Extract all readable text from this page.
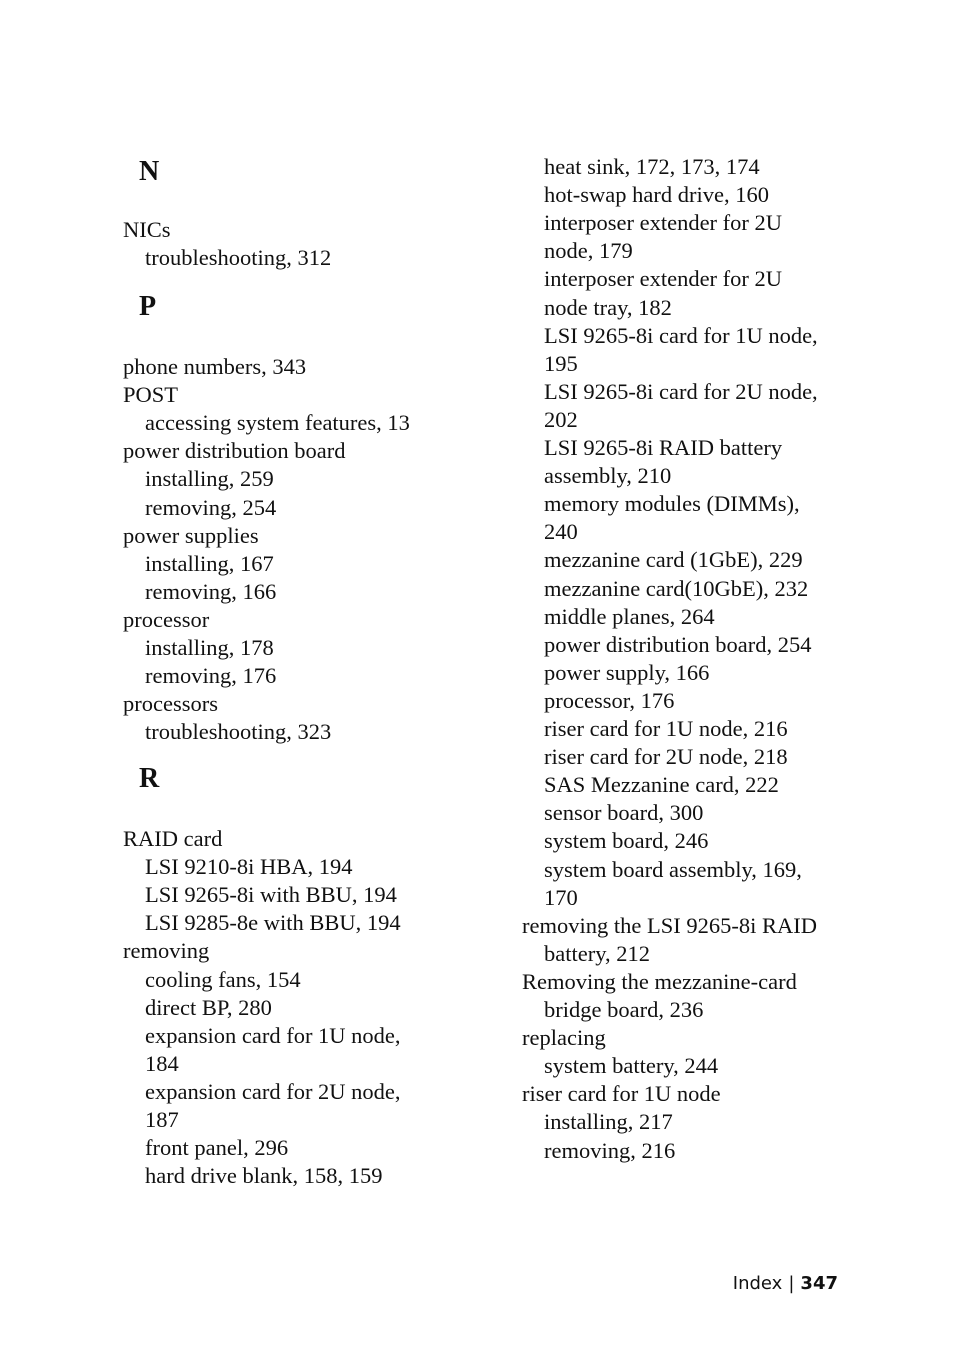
N
NICs
troubleshooting, 312
P
phone numbers, 343
POST
accessing system features, 13
power distribution board
installing, 259
removing, 254
power supplies
installing, 167
removing, 166
processor
installing, 178
removing, 176
processors
troubleshooting, 323
R
RAID card
LSI 9210-8i HBA, 194
LSI 9265-8i with BBU, 194
LSI 9285-8e with BBU, 194
removing
cooling fans, 154
direct BP, 280
expansion card for 1U node,
184
expansion card for 2U node,
187
front panel, 296
hard drive blank, 158, 159
heat sink, 172, 173, 174
hot-swap hard drive, 160
interposer extender for 2U
node, 179
interposer extender for 2U
node tray, 182
LSI 9265-8i card for 1U node,
195
LSI 9265-8i card for 2U node,
202
LSI 9265-8i RAID battery
assembly, 210
memory modules (DIMMs),
240
mezzanine card (1GbE), 229
mezzanine card(10GbE), 232
middle planes, 264
power distribution board, 254
power supply, 166
processor, 176
riser card for 1U node, 216
riser card for 2U node, 218
SAS Mezzanine card, 222
sensor board, 300
system board, 246
system board assembly, 169,
170
removing the LSI 9265-8i RAID
battery, 212
Removing the mezzanine-card
bridge board, 236
replacing
system battery, 244
riser card for 1U node
installing, 217
removing, 216
Index | 347
